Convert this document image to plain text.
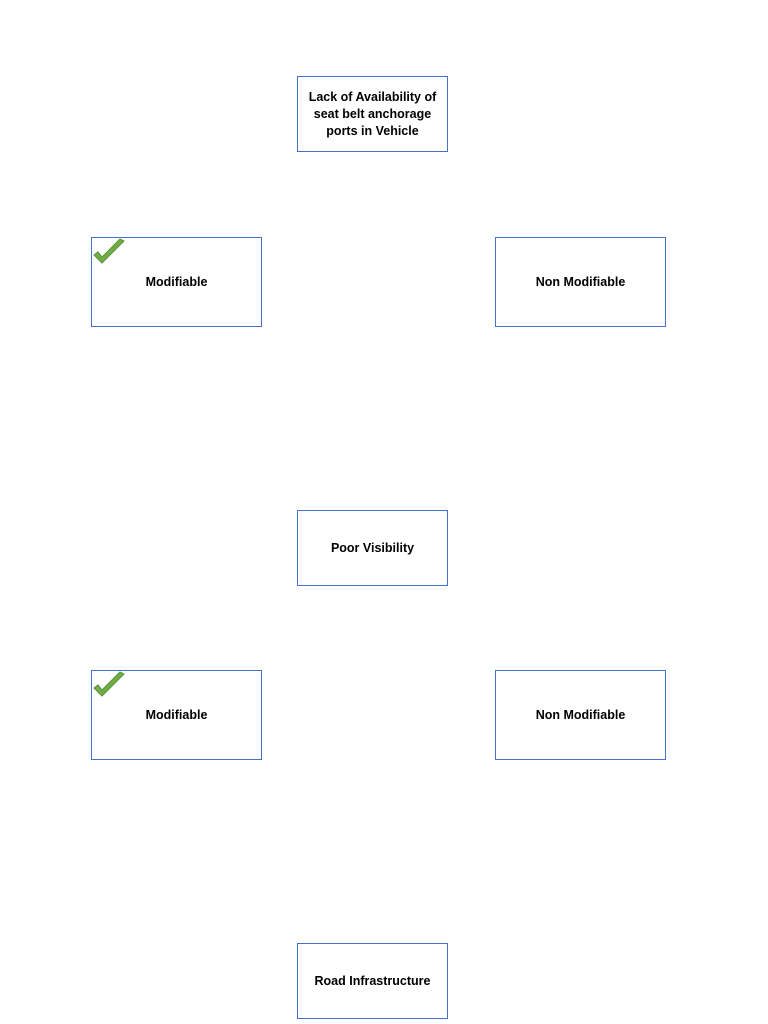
Lack of Availability of
seat belt anchorage
ports in Vehicle
Modifiable	Non Modifiable
Poor Visibility
Modifiable	Non Modifiable
Road Infrastructure
